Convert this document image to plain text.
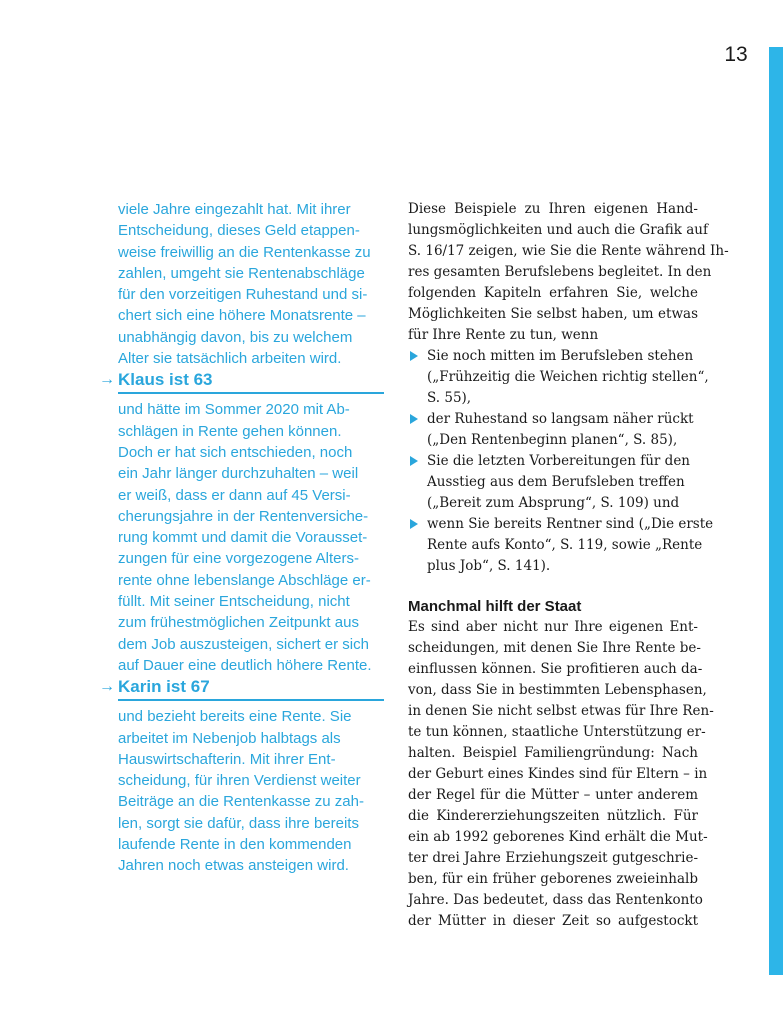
13

viele Jahre eingezahlt hat. Mit ihrer
Entscheidung, dieses Geld etappen-
weise freiwillig an die Rentenkasse zu
zahlen, umgeht sie Rentenabschläge
für den vorzeitigen Ruhestand und si-
chert sich eine höhere Monatsrente –
unabhängig davon, bis zu welchem
Alter sie tatsächlich arbeiten wird.

→ Klaus ist 63

und hätte im Sommer 2020 mit Ab-
schlägen in Rente gehen können.
Doch er hat sich entschieden, noch
ein Jahr länger durchzuhalten – weil
er weiß, dass er dann auf 45 Versi-
cherungsjahre in der Rentenversiche-
rung kommt und damit die Vorausset-
zungen für eine vorgezogene Alters-
rente ohne lebenslange Abschläge er-
füllt. Mit seiner Entscheidung, nicht
zum frühestmöglichen Zeitpunkt aus
dem Job auszusteigen, sichert er sich
auf Dauer eine deutlich höhere Rente.

→ Karin ist 67

und bezieht bereits eine Rente. Sie
arbeitet im Nebenjob halbtags als
Hauswirtschafterin. Mit ihrer Ent-
scheidung, für ihren Verdienst weiter
Beiträge an die Rentenkasse zu zah-
len, sorgt sie dafür, dass ihre bereits
laufende Rente in den kommenden
Jahren noch etwas ansteigen wird.

Diese Beispiele zu Ihren eigenen Hand-
lungsmöglichkeiten und auch die Grafik auf
S. 16/17 zeigen, wie Sie die Rente während Ih-
res gesamten Berufslebens begleitet. In den
folgenden Kapiteln erfahren Sie, welche
Möglichkeiten Sie selbst haben, um etwas
für Ihre Rente zu tun, wenn

Sie noch mitten im Berufsleben stehen
(„Frühzeitig die Weichen richtig stellen“,
S. 55),
der Ruhestand so langsam näher rückt
(„Den Rentenbeginn planen“, S. 85),
Sie die letzten Vorbereitungen für den
Ausstieg aus dem Berufsleben treffen
(„Bereit zum Absprung“, S. 109) und
wenn Sie bereits Rentner sind („Die erste
Rente aufs Konto“, S. 119, sowie „Rente
plus Job“, S. 141).
Manchmal hilft der Staat

Es sind aber nicht nur Ihre eigenen Ent-
scheidungen, mit denen Sie Ihre Rente be-
einflussen können. Sie profitieren auch da-
von, dass Sie in bestimmten Lebensphasen,
in denen Sie nicht selbst etwas für Ihre Ren-
te tun können, staatliche Unterstützung er-
halten. Beispiel Familiengründung: Nach
der Geburt eines Kindes sind für Eltern – in
der Regel für die Mütter – unter anderem
die Kindererziehungszeiten nützlich. Für
ein ab 1992 geborenes Kind erhält die Mut-
ter drei Jahre Erziehungszeit gutgeschrie-
ben, für ein früher geborenes zweieinhalb
Jahre. Das bedeutet, dass das Rentenkonto
der Mütter in dieser Zeit so aufgestockt
